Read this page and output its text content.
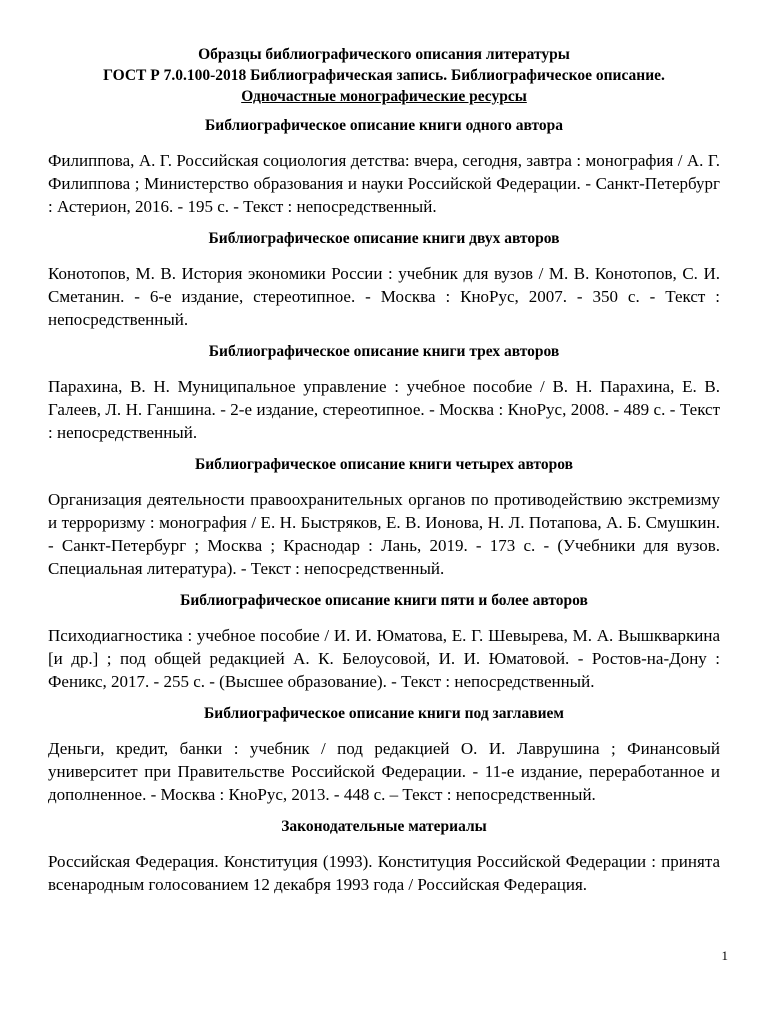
Образцы библиографического описания литературы
ГОСТ Р 7.0.100-2018 Библиографическая запись. Библиографическое описание.
Одночастные монографические ресурсы
Библиографическое описание книги одного автора

Филиппова, А. Г. Российская социология детства: вчера, сегодня, завтра : монография / А. Г. Филиппова ; Министерство образования и науки Российской Федерации. - Санкт-Петербург : Астерион, 2016. - 195 с. - Текст : непосредственный.

Библиографическое описание книги двух авторов

Конотопов, М. В. История экономики России : учебник для вузов / М. В. Конотопов, С. И. Сметанин. - 6-е издание, стереотипное. - Москва : КноРус, 2007. - 350 с. - Текст : непосредственный.

Библиографическое описание книги трех авторов

Парахина, В. Н. Муниципальное управление : учебное пособие / В. Н. Парахина, Е. В. Галеев, Л. Н. Ганшина. - 2-е издание, стереотипное. - Москва : КноРус, 2008. - 489 с. - Текст : непосредственный.

Библиографическое описание книги четырех авторов

Организация деятельности правоохранительных органов по противодействию экстремизму и терроризму : монография / Е. Н. Быстряков, Е. В. Ионова, Н. Л. Потапова, А. Б. Смушкин. - Санкт-Петербург ; Москва ; Краснодар : Лань, 2019. - 173 с. - (Учебники для вузов. Специальная литература). - Текст : непосредственный.

Библиографическое описание книги пяти и более авторов

Психодиагностика : учебное пособие / И. И. Юматова, Е. Г. Шевырева, М. А. Вышкваркина [и др.] ; под общей редакцией А. К. Белоусовой, И. И. Юматовой. - Ростов-на-Дону : Феникс, 2017. - 255 с. - (Высшее образование). - Текст : непосредственный.

Библиографическое описание книги под заглавием

Деньги, кредит, банки : учебник / под редакцией О. И. Лаврушина ; Финансовый университет при Правительстве Российской Федерации. - 11-е издание, переработанное и дополненное. - Москва : КноРус, 2013. - 448 с. – Текст : непосредственный.

Законодательные материалы

Российская Федерация. Конституция (1993). Конституция Российской Федерации : принята всенародным голосованием 12 декабря 1993 года / Российская Федерация.

1
